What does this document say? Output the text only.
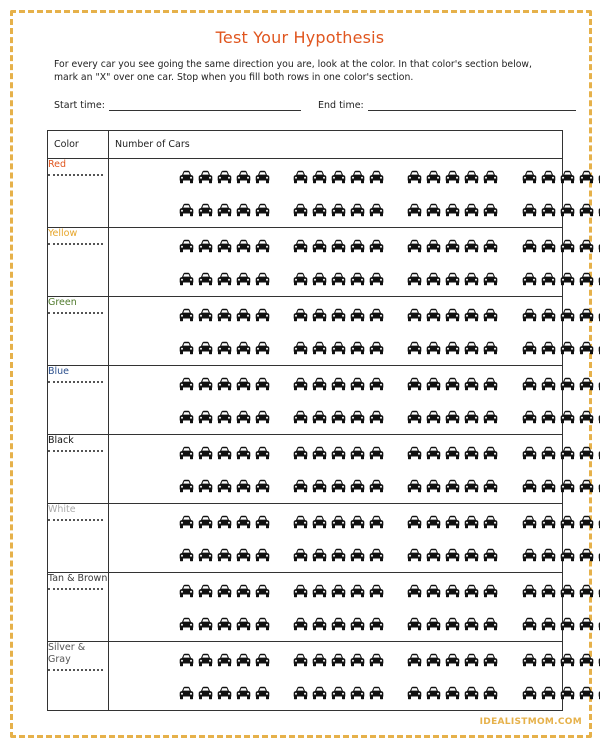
Test Your Hypothesis
For every car you see going the same direction you are, look at the color. In that color's section below, mark an "X" over one car. Stop when you fill both rows in one color's section.
Start time:	End time:
Color	Number of Cars

Red

Yellow

Green

Blue

Black

White

Tan & Brown

Silver & Gray

IDEALISTMOM.COM
